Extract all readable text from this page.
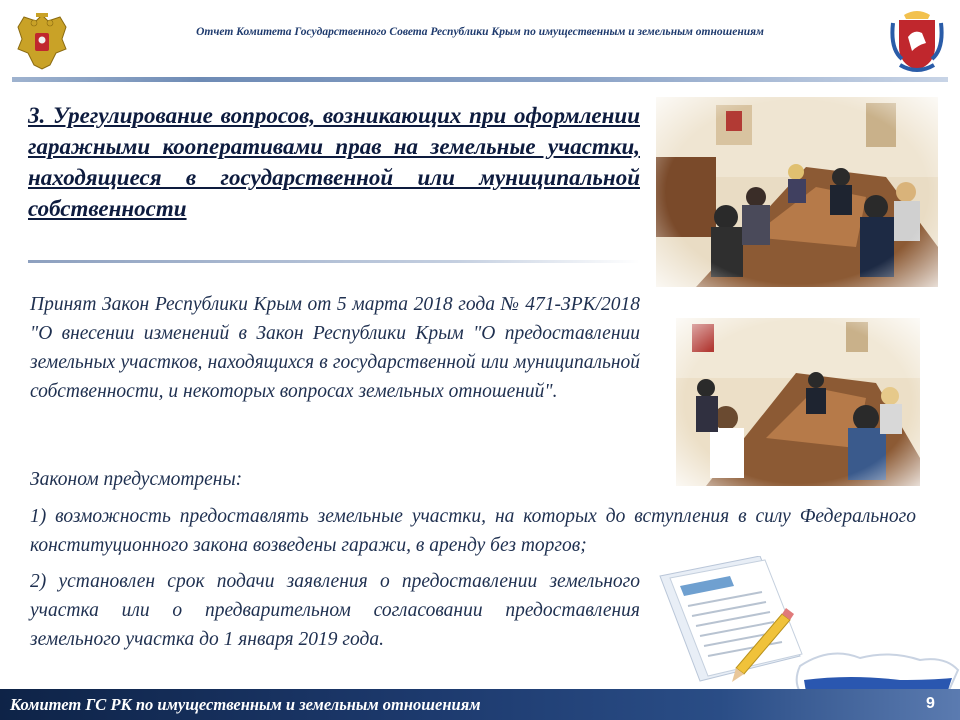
Отчет Комитета Государственного Совета Республики Крым по имущественным и земельным отношениям
3. Урегулирование вопросов, возникающих при оформлении гаражными кооперативами прав на земельные участки, находящиеся в государственной или муниципальной
собственности
Принят Закон Республики Крым от 5 марта 2018 года № 471-ЗРК/2018 "О внесении изменений в Закон Республики Крым "О предоставлении земельных участков, находящихся в государственной или муниципальной собственности, и некоторых вопросах земельных отношений".
Законом предусмотрены:
1) возможность предоставлять земельные участки, на которых до вступления в силу Федерального конституционного закона возведены гаражи, в аренду без торгов;
2) установлен срок подачи заявления о предоставлении земельного участка или о предварительном согласовании предоставления земельного участка до 1 января 2019 года.
Комитет ГС РК по имущественным и земельным отношениям	9
